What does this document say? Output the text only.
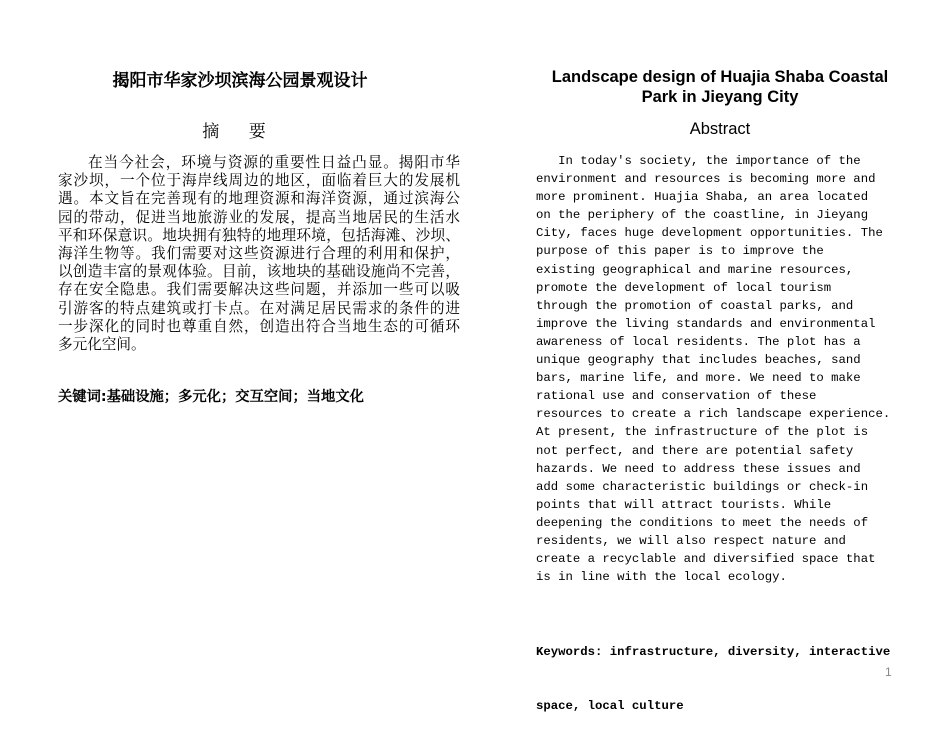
揭阳市华家沙坝滨海公园景观设计
摘 要
在当今社会，环境与资源的重要性日益凸显。揭阳市华
家沙坝，一个位于海岸线周边的地区，面临着巨大的发展机
遇。本文旨在完善现有的地理资源和海洋资源，通过滨海公
园的带动，促进当地旅游业的发展，提高当地居民的生活水
平和环保意识。地块拥有独特的地理环境，包括海滩、沙坝、
海洋生物等。我们需要对这些资源进行合理的利用和保护，
以创造丰富的景观体验。目前，该地块的基础设施尚不完善，
存在安全隐患。我们需要解决这些问题，并添加一些可以吸
引游客的特点建筑或打卡点。在对满足居民需求的条件的进
一步深化的同时也尊重自然，创造出符合当地生态的可循环
多元化空间。
关键词:基础设施；多元化；交互空间；当地文化
Landscape design of Huajia Shaba Coastal
Park in Jieyang City
Abstract
In today's society, the importance of the
environment and resources is becoming more and
more prominent. Huajia Shaba, an area located
on the periphery of the coastline, in Jieyang
City, faces huge development opportunities. The
purpose of this paper is to improve the
existing geographical and marine resources,
promote the development of local tourism
through the promotion of coastal parks, and
improve the living standards and environmental
awareness of local residents. The plot has a
unique geography that includes beaches, sand
bars, marine life, and more. We need to make
rational use and conservation of these
resources to create a rich landscape experience.
At present, the infrastructure of the plot is
not perfect, and there are potential safety
hazards. We need to address these issues and
add some characteristic buildings or check-in
points that will attract tourists. While
deepening the conditions to meet the needs of
residents, we will also respect nature and
create a recyclable and diversified space that
is in line with the local ecology.

Keywords: infrastructure, diversity, interactive

space, local culture

1
